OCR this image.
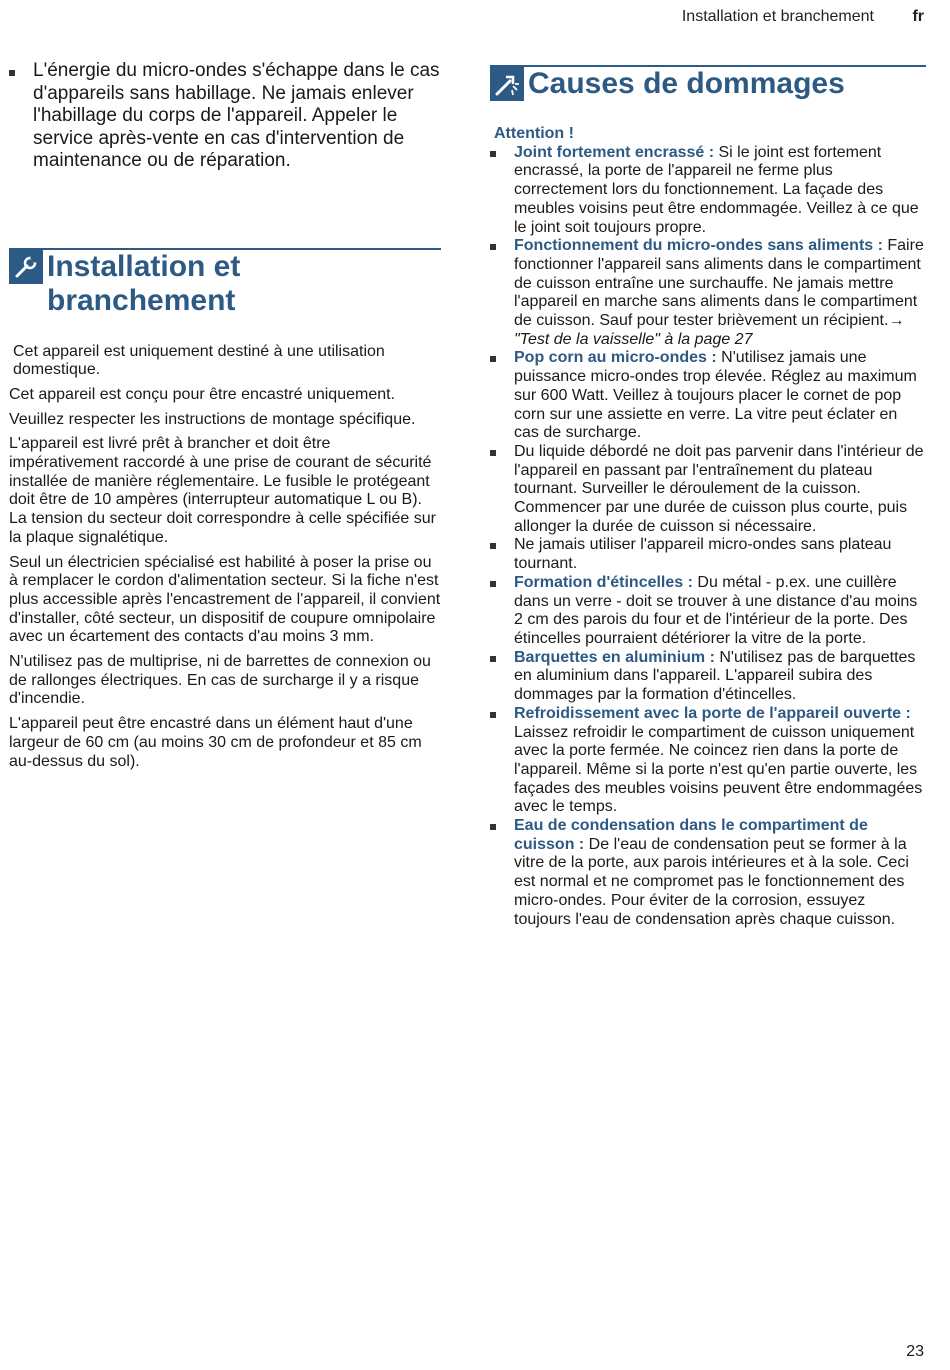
Installation et branchement fr
L'énergie du micro-ondes s'échappe dans le cas d'appareils sans habillage. Ne jamais enlever l'habillage du corps de l'appareil. Appeler le service après-vente en cas d'intervention de maintenance ou de réparation.
Installation et
branchement

Cet appareil est uniquement destiné à une utilisation domestique.

Cet appareil est conçu pour être encastré uniquement.

Veuillez respecter les instructions de montage spécifique.

L'appareil est livré prêt à brancher et doit être impérativement raccordé à une prise de courant de sécurité installée de manière réglementaire. Le fusible le protégeant doit être de 10 ampères (interrupteur automatique L ou B). La tension du secteur doit correspondre à celle spécifiée sur la plaque signalétique.

Seul un électricien spécialisé est habilité à poser la prise ou à remplacer le cordon d'alimentation secteur. Si la fiche n'est plus accessible après l'encastrement de l'appareil, il convient d'installer, côté secteur, un dispositif de coupure omnipolaire avec un écartement des contacts d'au moins 3 mm.

N'utilisez pas de multiprise, ni de barrettes de connexion ou de rallonges électriques. En cas de surcharge il y a risque d'incendie.

L'appareil peut être encastré dans un élément haut d'une largeur de 60 cm (au moins 30 cm de profondeur et 85 cm au-dessus du sol).

Causes de dommages

Attention !

Joint fortement encrassé : Si le joint est fortement encrassé, la porte de l'appareil ne ferme plus correctement lors du fonctionnement. La façade des meubles voisins peut être endommagée. Veillez à ce que le joint soit toujours propre.
Fonctionnement du micro-ondes sans aliments : Faire fonctionner l'appareil sans aliments dans le compartiment de cuisson entraîne une surchauffe. Ne jamais mettre l'appareil en marche sans aliments dans le compartiment de cuisson. Sauf pour tester brièvement un récipient.→ "Test de la vaisselle" à la page 27
Pop corn au micro-ondes : N'utilisez jamais une puissance micro-ondes trop élevée. Réglez au maximum sur 600 Watt. Veillez à toujours placer le cornet de pop corn sur une assiette en verre. La vitre peut éclater en cas de surcharge.
Du liquide débordé ne doit pas parvenir dans l'intérieur de l'appareil en passant par l'entraînement du plateau tournant. Surveiller le déroulement de la cuisson. Commencer par une durée de cuisson plus courte, puis allonger la durée de cuisson si nécessaire.
Ne jamais utiliser l'appareil micro-ondes sans plateau tournant.
Formation d'étincelles : Du métal - p.ex. une cuillère dans un verre - doit se trouver à une distance d'au moins 2 cm des parois du four et de l'intérieur de la porte. Des étincelles pourraient détériorer la vitre de la porte.
Barquettes en aluminium : N'utilisez pas de barquettes en aluminium dans l'appareil. L'appareil subira des dommages par la formation d'étincelles.
Refroidissement avec la porte de l'appareil ouverte : Laissez refroidir le compartiment de cuisson uniquement avec la porte fermée. Ne coincez rien dans la porte de l'appareil. Même si la porte n'est qu'en partie ouverte, les façades des meubles voisins peuvent être endommagées avec le temps.
Eau de condensation dans le compartiment de cuisson : De l'eau de condensation peut se former à la vitre de la porte, aux parois intérieures et à la sole. Ceci est normal et ne compromet pas le fonctionnement des micro-ondes. Pour éviter de la corrosion, essuyez toujours l'eau de condensation après chaque cuisson.
23
